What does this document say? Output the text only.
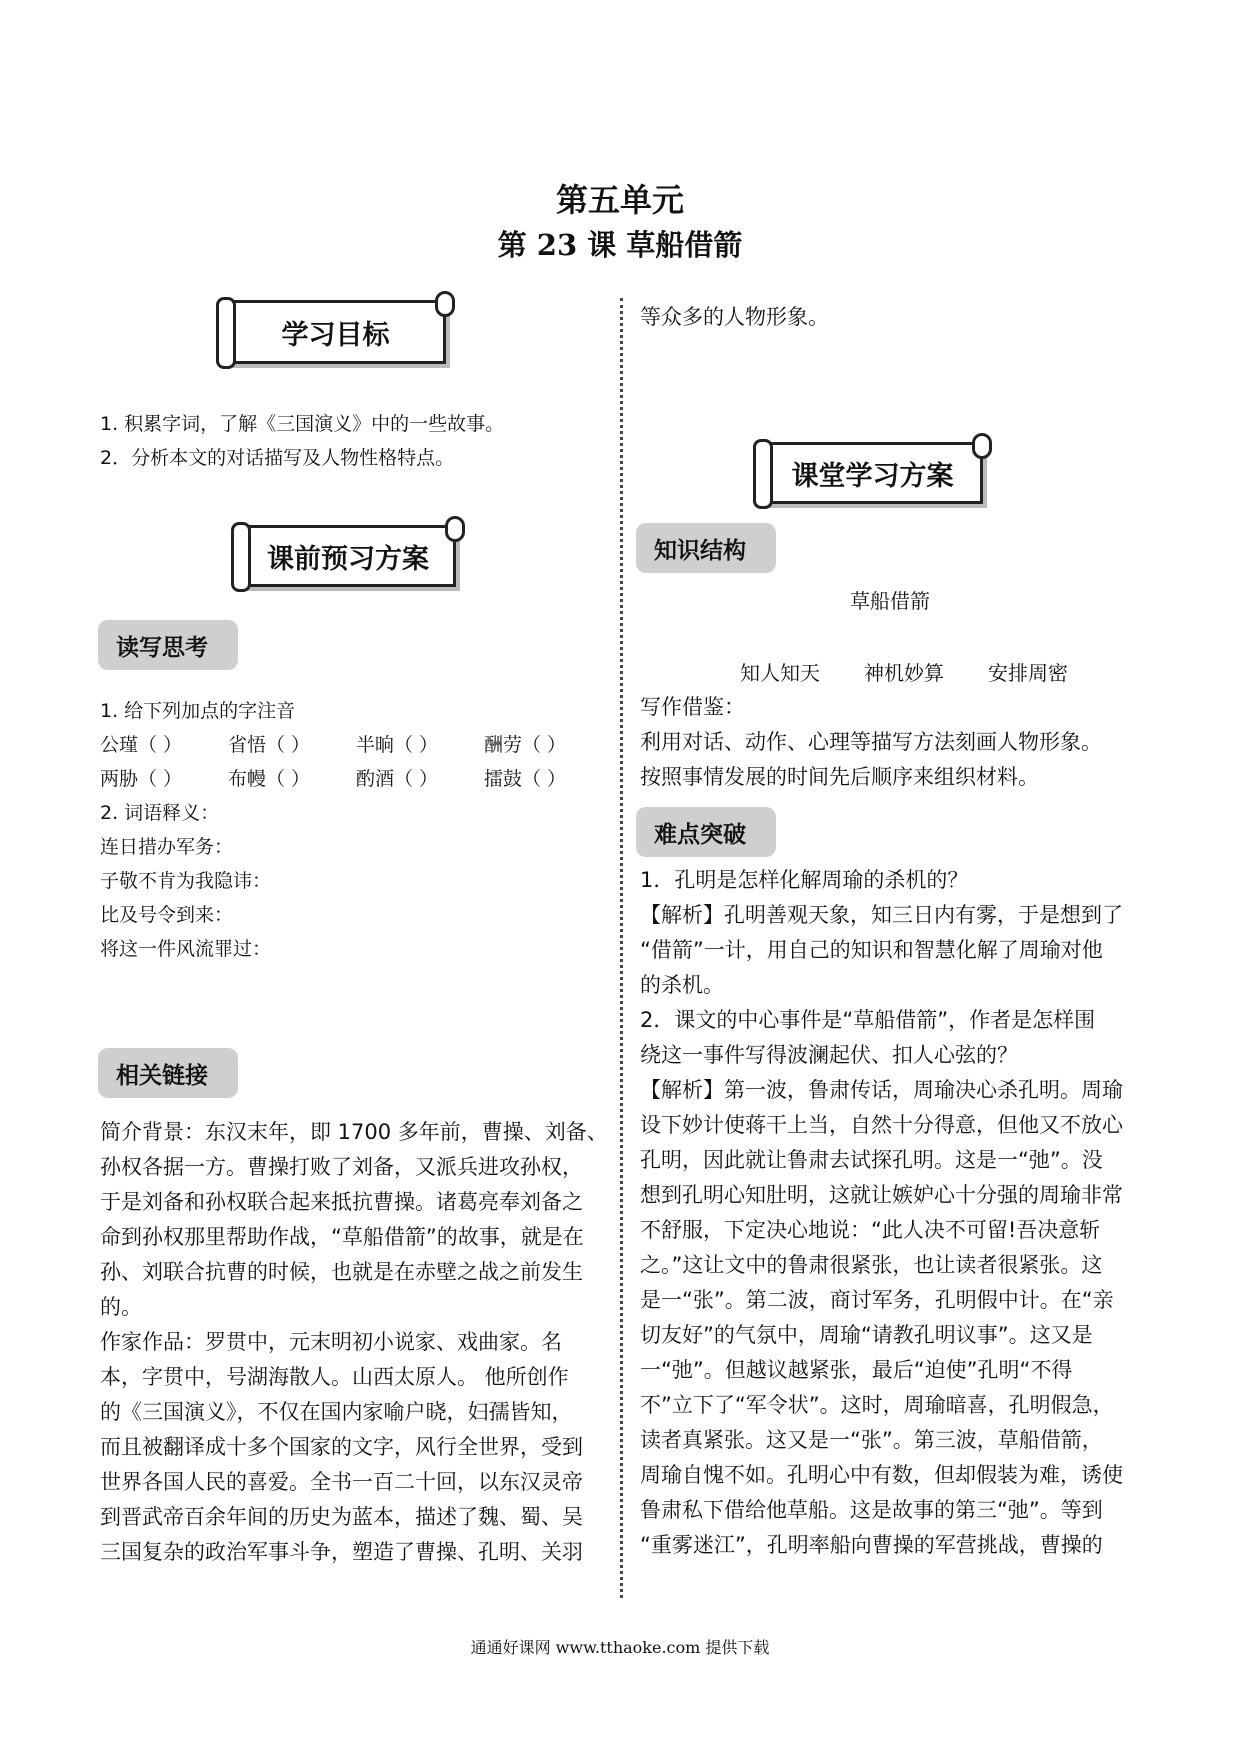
第五单元
第 23 课 草船借箭
学习目标
1. 积累字词，了解《三国演义》中的一些故事。
2．分析本文的对话描写及人物性格特点。
课前预习方案
读写思考
1. 给下列加点的字注音
公瑾（ ） 省悟（ ） 半晌（ ） 酬劳（ ）
两胁（ ） 布幔（ ） 酌酒（ ） 擂鼓（ ）
2. 词语释义：
连日措办军务：
子敬不肯为我隐讳：
比及号令到来：
将这一件风流罪过：
相关链接
简介背景：东汉末年，即 1700 多年前，曹操、刘备、
孙权各据一方。曹操打败了刘备，又派兵进攻孙权，
于是刘备和孙权联合起来抵抗曹操。诸葛亮奉刘备之
命到孙权那里帮助作战，“草船借箭”的故事，就是在
孙、刘联合抗曹的时候，也就是在赤壁之战之前发生
的。
作家作品：罗贯中，元末明初小说家、戏曲家。名
本，字贯中，号湖海散人。山西太原人。 他所创作
的《三国演义》，不仅在国内家喻户晓，妇孺皆知，
而且被翻译成十多个国家的文字，风行全世界，受到
世界各国人民的喜爱。全书一百二十回，以东汉灵帝
到晋武帝百余年间的历史为蓝本，描述了魏、蜀、吴
三国复杂的政治军事斗争，塑造了曹操、孔明、关羽
等众多的人物形象。
课堂学习方案
知识结构
草船借箭
知人知天 神机妙算 安排周密
写作借鉴：
利用对话、动作、心理等描写方法刻画人物形象。
按照事情发展的时间先后顺序来组织材料。
难点突破
1．孔明是怎样化解周瑜的杀机的？
【解析】孔明善观天象，知三日内有雾，于是想到了
“借箭”一计，用自己的知识和智慧化解了周瑜对他
的杀机。
2．课文的中心事件是“草船借箭”，作者是怎样围
绕这一事件写得波澜起伏、扣人心弦的？
【解析】第一波，鲁肃传话，周瑜决心杀孔明。周瑜
设下妙计使蒋干上当，自然十分得意，但他又不放心
孔明，因此就让鲁肃去试探孔明。这是一“弛”。没
想到孔明心知肚明，这就让嫉妒心十分强的周瑜非常
不舒服，下定决心地说：“此人决不可留!吾决意斩
之。”这让文中的鲁肃很紧张，也让读者很紧张。这
是一“张”。第二波，商讨军务，孔明假中计。在“亲
切友好”的气氛中，周瑜“请教孔明议事”。这又是
一“弛”。但越议越紧张，最后“迫使”孔明“不得
不”立下了“军令状”。这时，周瑜暗喜，孔明假急，
读者真紧张。这又是一“张”。第三波，草船借箭，
周瑜自愧不如。孔明心中有数，但却假装为难，诱使
鲁肃私下借给他草船。这是故事的第三“弛”。等到
“重雾迷江”，孔明率船向曹操的军营挑战，曹操的
通通好课网 www.tthaoke.com 提供下载
